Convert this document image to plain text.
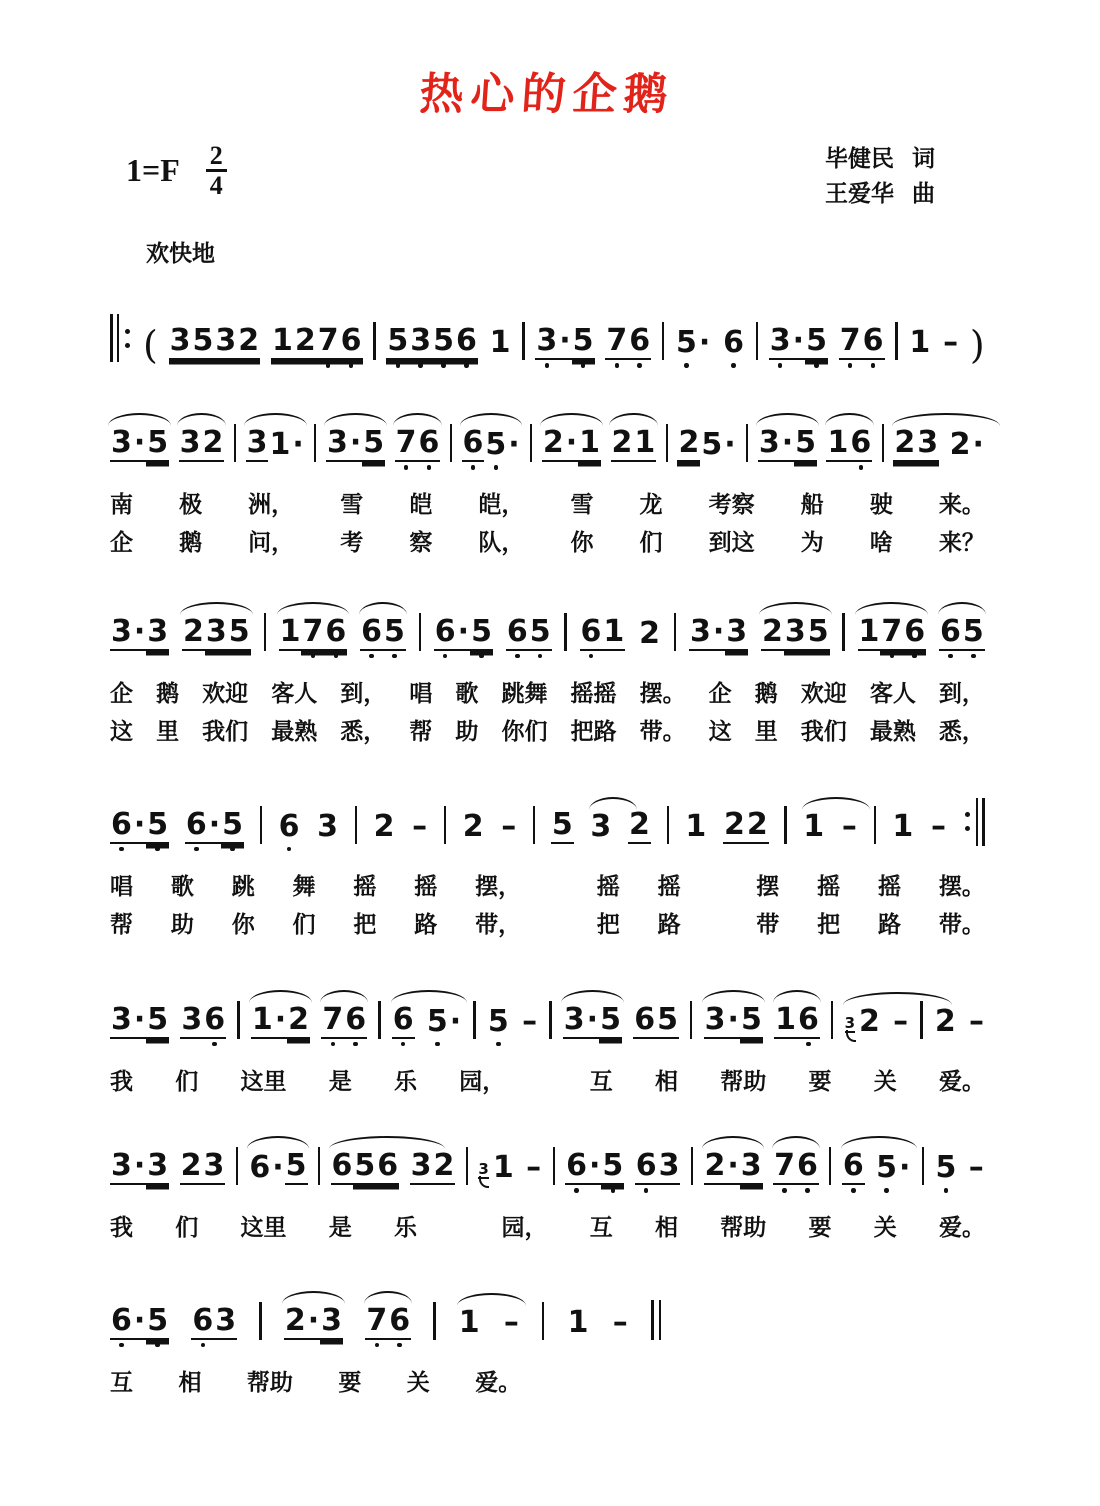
热心的企鹅
$1=F \frac{2}{4}$	毕健民 词
王爱华 曲
欢快地
( 3 5 3 2 1 2 7 6 5 3 5 6 1 3 · 5 7 6 5 · 6 3 · 5 7 6 1 – )
3 · 5 3 2 3 1 · 3 · 5 7 6 6 5 · 2 · 1 2 1 2 5 · 3 · 5 1 6 2 3 2 ·
南 极 洲， 雪 皑 皑， 雪 龙 考察 船 驶 来。
企 鹅 问， 考 察 队， 你 们 到这 为 啥 来？
3 · 3 2 3 5 1 7 6 6 5 6 · 5 6 5 6 1 2 3 · 3 2 3 5 1 7 6 6 5
企 鹅 欢迎 客人 到， 唱 歌 跳舞 摇摇 摆。 企 鹅 欢迎 客人 到，
这 里 我们 最熟 悉， 帮 助 你们 把路 带。 这 里 我们 最熟 悉，
6 · 5 6 · 5 6 3 2 – 2 – 5 3 2 1 2 2 1 – 1 –
唱 歌 跳 舞 摇 摇 摆，	摇 摇	摆 摇 摇 摆。
帮 助 你 们 把 路 带，	把 路	带 把 路 带。
3 · 5 3 6 1 · 2 7 6 6 5 · 5 – 3 · 5 6 5 3 · 5 1 6 3 2 – 2 –
我 们 这里 是 乐 园，	互 相 帮助 要 关 爱。
3 · 3 2 3 6 · 5 6 5 6 3 2 3 1 – 6 · 5 6 3 2 · 3 7 6 6 5 · 5 –
我 们 这里 是 乐	园， 互 相 帮助 要 关 爱。
6 · 5 6 3 2 · 3 7 6 1 – 1 –
互 相 帮助 要 关 爱。
